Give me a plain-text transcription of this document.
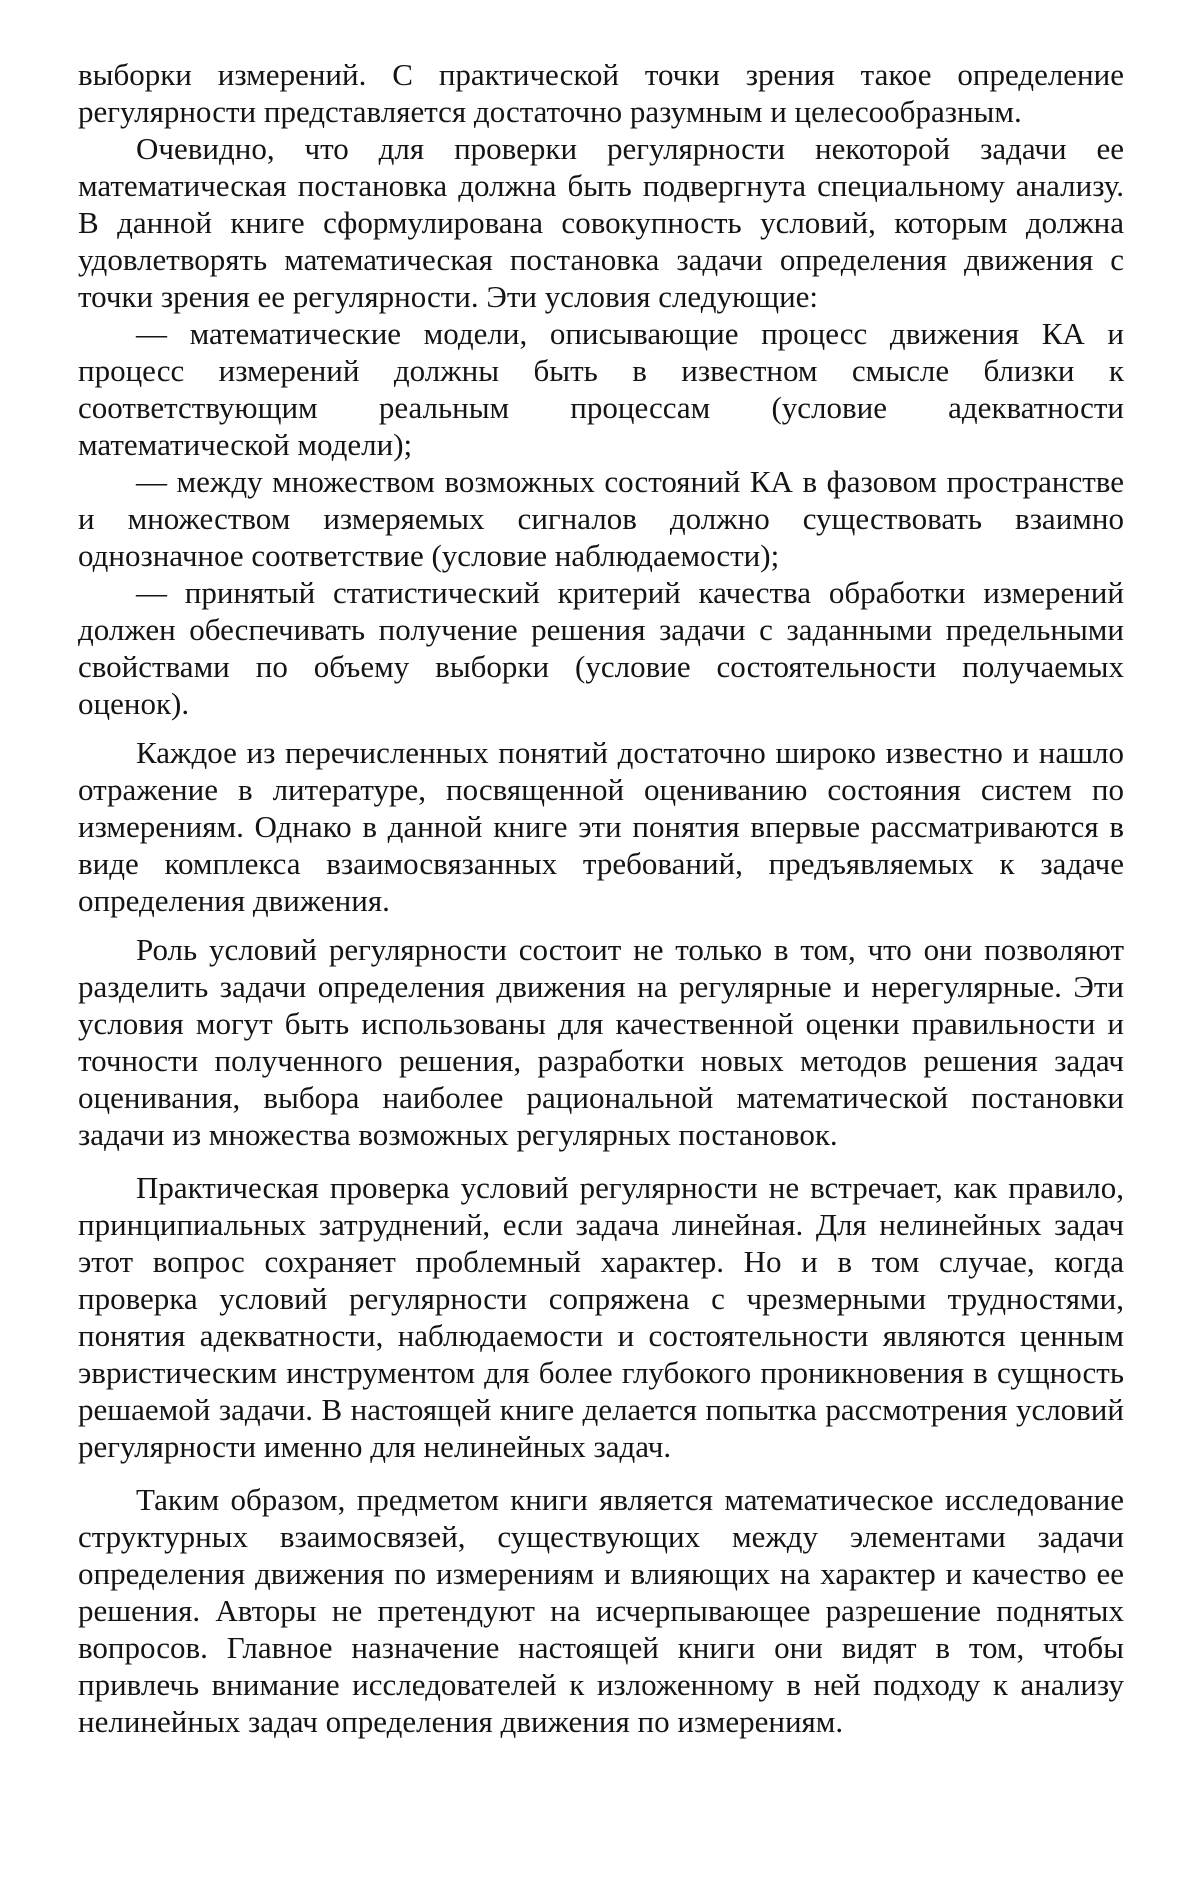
выборки измерений. С практической точки зрения такое определение регулярности представляется достаточно разумным и целесообразным.

Очевидно, что для проверки регулярности некоторой задачи ее математическая постановка должна быть подвергнута специальному анализу. В данной книге сформулирована совокупность условий, которым должна удовлетворять математическая постановка задачи определения движения с точки зрения ее регулярности. Эти условия следующие:

— математические модели, описывающие процесс движения КА и процесс измерений должны быть в известном смысле близки к соответствующим реальным процессам (условие адекватности математической модели);

— между множеством возможных состояний КА в фазовом пространстве и множеством измеряемых сигналов должно существовать взаимно однозначное соответствие (условие наблюдаемости);

— принятый статистический критерий качества обработки измерений должен обеспечивать получение решения задачи с заданными предельными свойствами по объему выборки (условие состоятельности получаемых оценок).

Каждое из перечисленных понятий достаточно широко известно и нашло отражение в литературе, посвященной оцениванию состояния систем по измерениям. Однако в данной книге эти понятия впервые рассматриваются в виде комплекса взаимосвязанных требований, предъявляемых к задаче определения движения.

Роль условий регулярности состоит не только в том, что они позволяют разделить задачи определения движения на регулярные и нерегулярные. Эти условия могут быть использованы для качественной оценки правильности и точности полученного решения, разработки новых методов решения задач оценивания, выбора наиболее рациональной математической постановки задачи из множества возможных регулярных постановок.

Практическая проверка условий регулярности не встречает, как правило, принципиальных затруднений, если задача линейная. Для нелинейных задач этот вопрос сохраняет проблемный характер. Но и в том случае, когда проверка условий регулярности сопряжена с чрезмерными трудностями, понятия адекватности, наблюдаемости и состоятельности являются ценным эвристическим инструментом для более глубокого проникновения в сущность решаемой задачи. В настоящей книге делается попытка рассмотрения условий регулярности именно для нелинейных задач.

Таким образом, предметом книги является математическое исследование структурных взаимосвязей, существующих между элементами задачи определения движения по измерениям и влияющих на характер и качество ее решения. Авторы не претендуют на исчерпывающее разрешение поднятых вопросов. Главное назначение настоящей книги они видят в том, чтобы привлечь внимание исследователей к изложенному в ней подходу к анализу нелинейных задач определения движения по измерениям.
